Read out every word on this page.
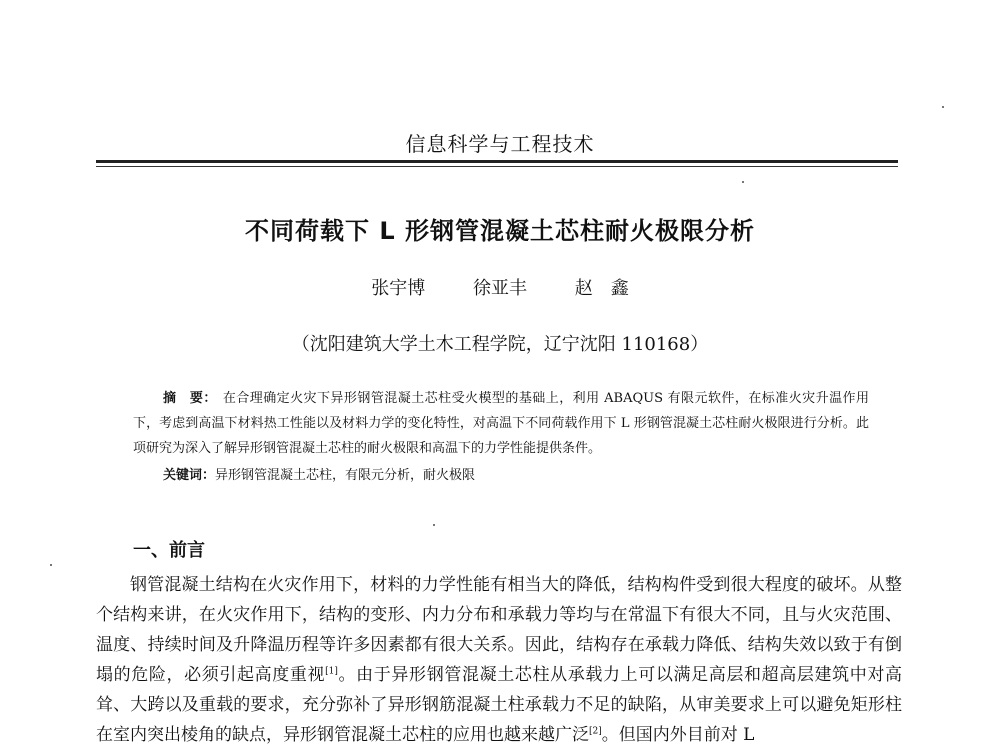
信息科学与工程技术
不同荷载下 L 形钢管混凝土芯柱耐火极限分析
张宇博	徐亚丰	赵　鑫
（沈阳建筑大学土木工程学院，辽宁沈阳 110168）
摘　要： 在合理确定火灾下异形钢管混凝土芯柱受火模型的基础上，利用 ABAQUS 有限元软件，在标准火灾升温作用下，考虑到高温下材料热工性能以及材料力学的变化特性，对高温下不同荷载作用下 L 形钢管混凝土芯柱耐火极限进行分析。此项研究为深入了解异形钢管混凝土芯柱的耐火极限和高温下的力学性能提供条件。
关键词：异形钢管混凝土芯柱，有限元分析，耐火极限
一、前言
钢管混凝土结构在火灾作用下，材料的力学性能有相当大的降低，结构构件受到很大程度的破坏。从整个结构来讲，在火灾作用下，结构的变形、内力分布和承载力等均与在常温下有很大不同，且与火灾范围、温度、持续时间及升降温历程等许多因素都有很大关系。因此，结构存在承载力降低、结构失效以致于有倒塌的危险，必须引起高度重视[1]。由于异形钢管混凝土芯柱从承载力上可以满足高层和超高层建筑中对高耸、大跨以及重载的要求，充分弥补了异形钢筋混凝土柱承载力不足的缺陷，从审美要求上可以避免矩形柱在室内突出棱角的缺点，异形钢管混凝土芯柱的应用也越来越广泛[2]。但国内外目前对 L
